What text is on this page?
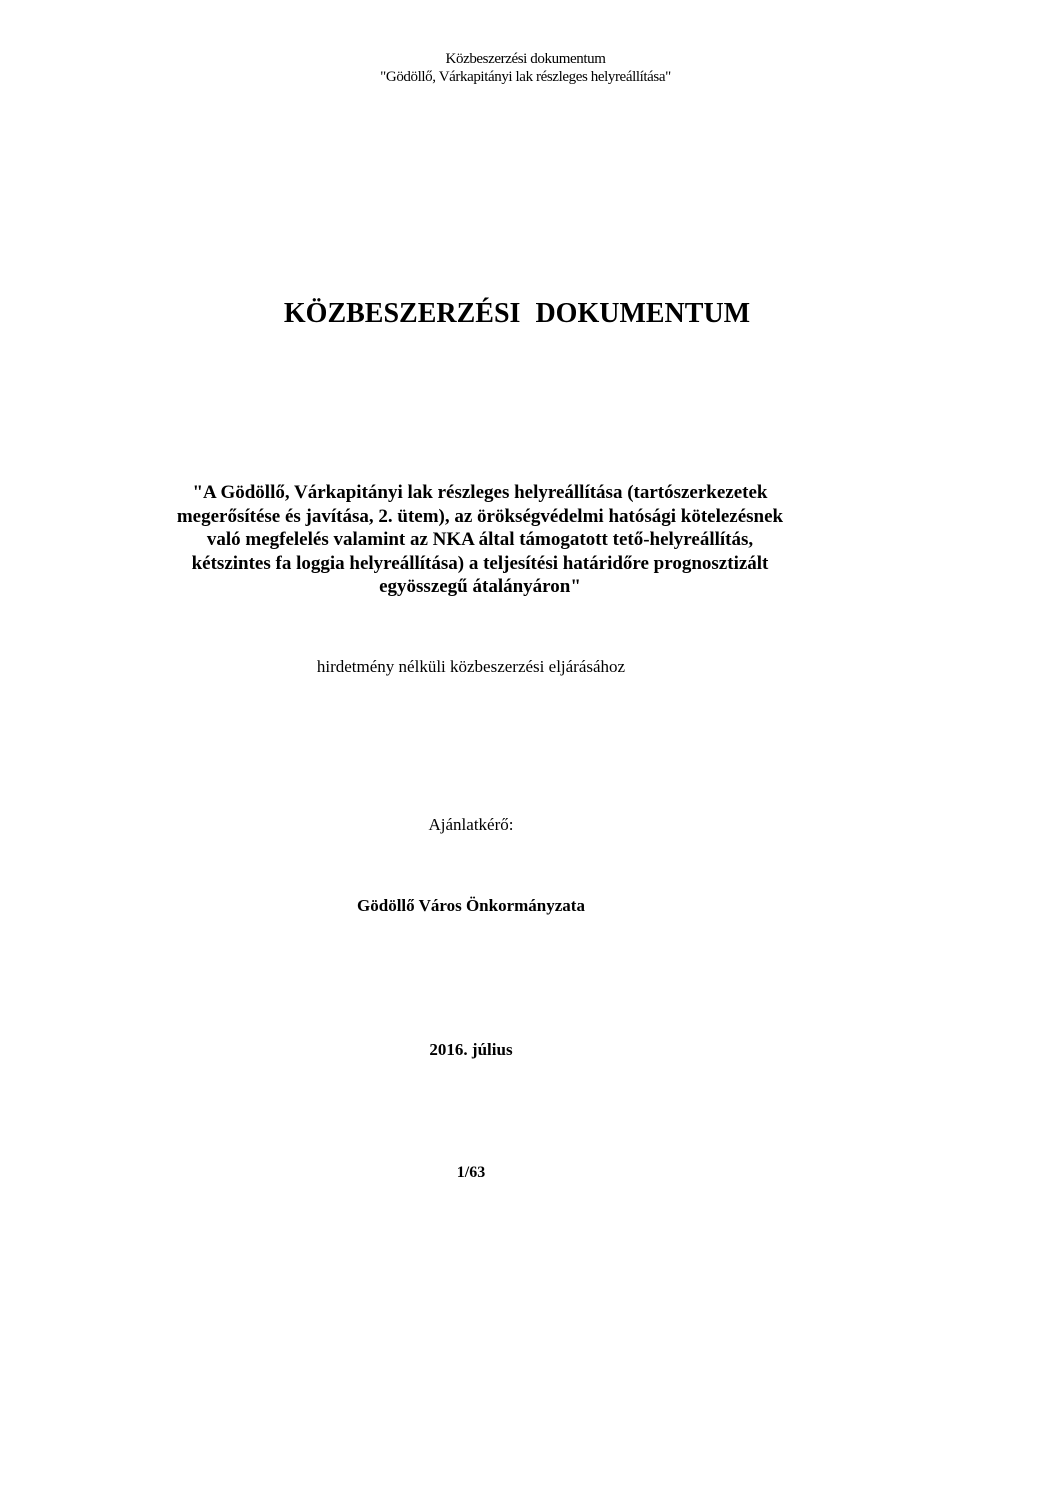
Közbeszerzési dokumentum
"Gödöllő, Várkapitányi lak részleges helyreállítása"
KÖZBESZERZÉSI DOKUMENTUM
"A Gödöllő, Várkapitányi lak részleges helyreállítása (tartószerkezetek
megerősítése és javítása, 2. ütem), az örökségvédelmi hatósági kötelezésnek
való megfelelés valamint az NKA által támogatott tető-helyreállítás,
kétszintes fa loggia helyreállítása) a teljesítési határidőre prognosztizált
egyösszegű átalányáron"
hirdetmény nélküli közbeszerzési eljárásához
Ajánlatkérő:
Gödöllő Város Önkormányzata
2016. július
1/63
